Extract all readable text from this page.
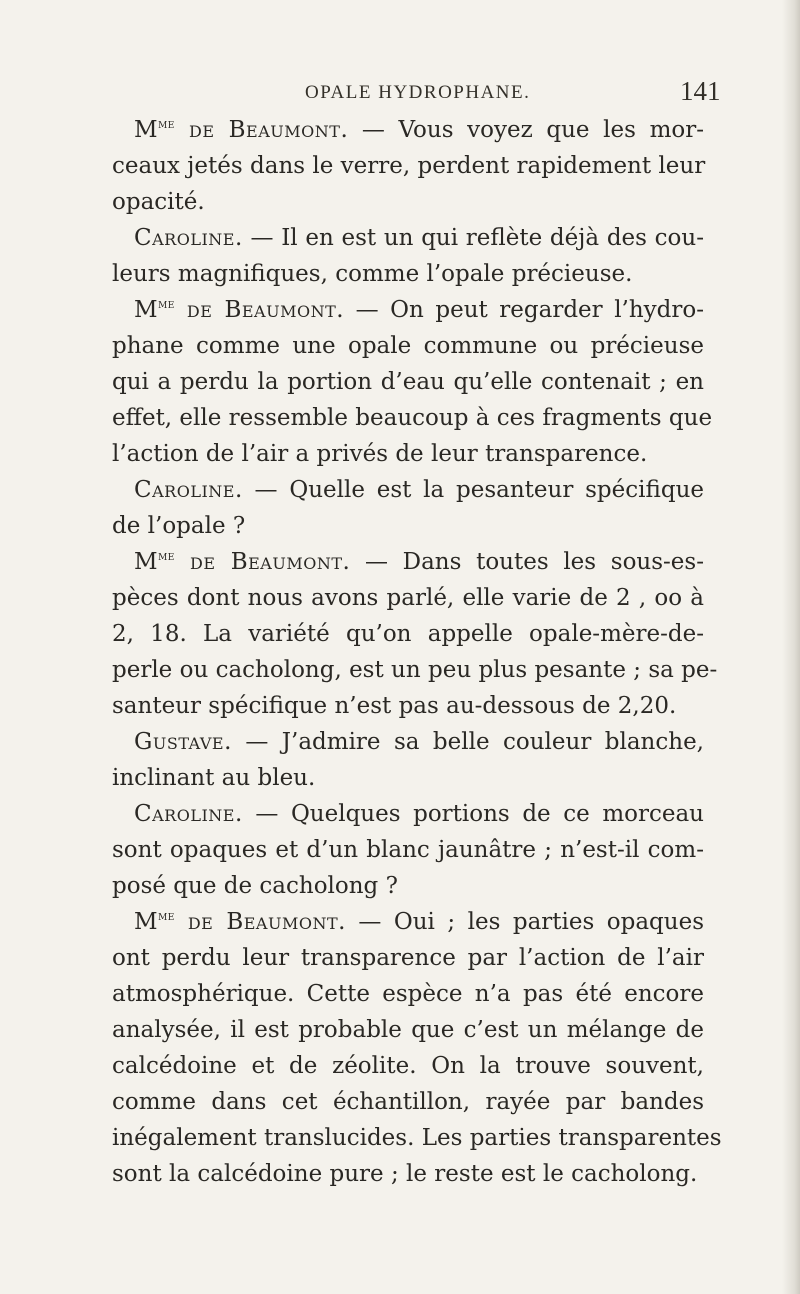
OPALE HYDROPHANE.	141
$M^{me}$ de Beaumont. — Vous voyez que les mor-
ceaux jetés dans le verre, perdent rapidement leur
opacité.
Caroline. — Il en est un qui reflète déjà des cou-
leurs magnifiques, comme l’opale précieuse.
$M^{me}$ de Beaumont. — On peut regarder l’hydro-
phane comme une opale commune ou précieuse
qui a perdu la portion d’eau qu’elle contenait ; en
effet, elle ressemble beaucoup à ces fragments que
l’action de l’air a privés de leur transparence.
Caroline. — Quelle est la pesanteur spécifique
de l’opale ?
$M^{me}$ de Beaumont. — Dans toutes les sous-es-
pèces dont nous avons parlé, elle varie de 2 , oo à
2, 18. La variété qu’on appelle opale-mère-de-
perle ou cacholong, est un peu plus pesante ; sa pe-
santeur spécifique n’est pas au-dessous de 2,20.
Gustave. — J’admire sa belle couleur blanche,
inclinant au bleu.
Caroline. — Quelques portions de ce morceau
sont opaques et d’un blanc jaunâtre ; n’est-il com-
posé que de cacholong ?
$M^{me}$ de Beaumont. — Oui ; les parties opaques
ont perdu leur transparence par l’action de l’air
atmosphérique. Cette espèce n’a pas été encore
analysée, il est probable que c’est un mélange de
calcédoine et de zéolite. On la trouve souvent,
comme dans cet échantillon, rayée par bandes
inégalement translucides. Les parties transparentes
sont la calcédoine pure ; le reste est le cacholong.
